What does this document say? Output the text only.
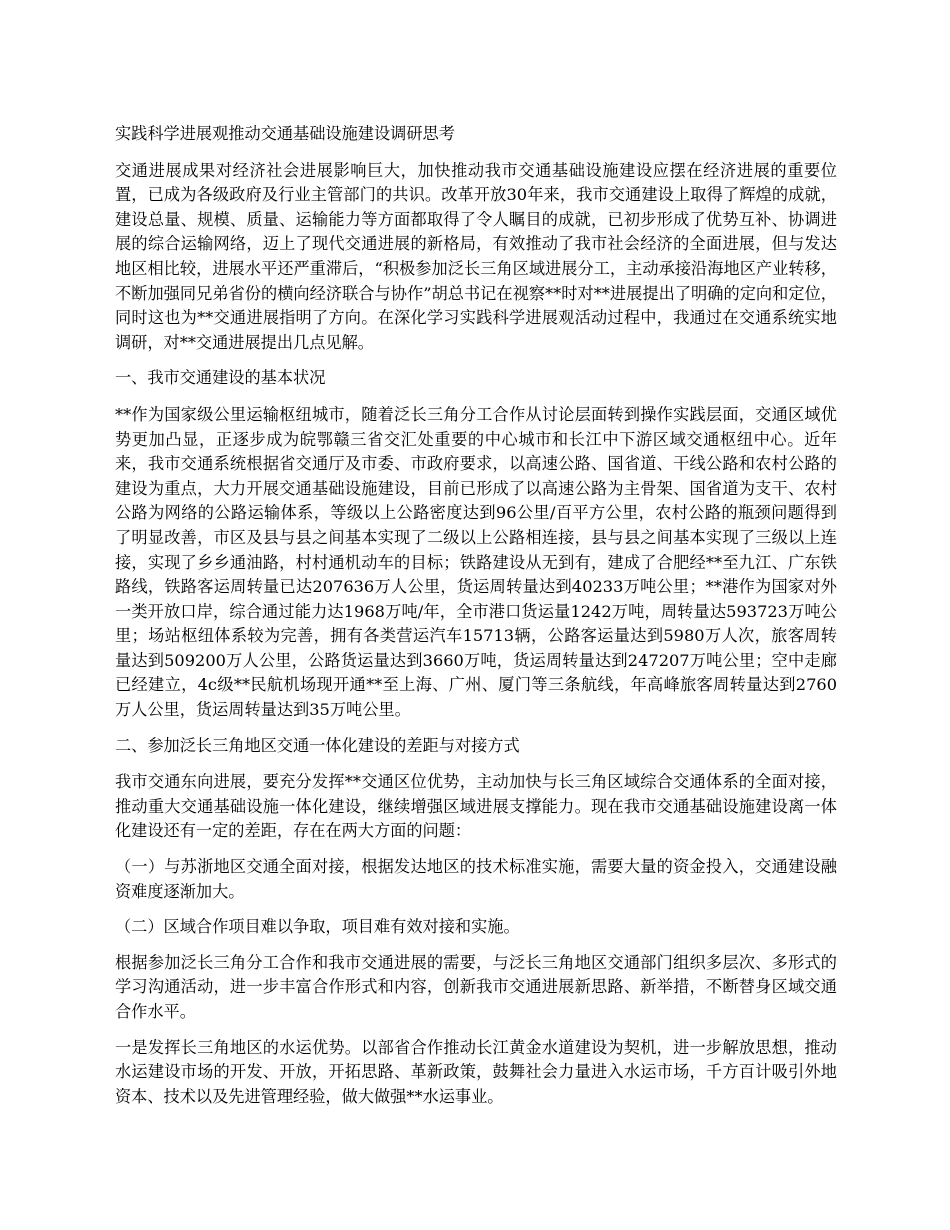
实践科学进展观推动交通基础设施建设调研思考

交通进展成果对经济社会进展影响巨大，加快推动我市交通基础设施建设应摆在经济进展的重要位置，已成为各级政府及行业主管部门的共识。改革开放30年来，我市交通建设上取得了辉煌的成就，建设总量、规模、质量、运输能力等方面都取得了令人瞩目的成就，已初步形成了优势互补、协调进展的综合运输网络，迈上了现代交通进展的新格局，有效推动了我市社会经济的全面进展，但与发达地区相比较，进展水平还严重滞后，“积极参加泛长三角区域进展分工，主动承接沿海地区产业转移，不断加强同兄弟省份的横向经济联合与协作”胡总书记在视察**时对**进展提出了明确的定向和定位，同时这也为**交通进展指明了方向。在深化学习实践科学进展观活动过程中，我通过在交通系统实地调研，对**交通进展提出几点见解。

一、我市交通建设的基本状况

**作为国家级公里运输枢纽城市，随着泛长三角分工合作从讨论层面转到操作实践层面，交通区域优势更加凸显，正逐步成为皖鄂赣三省交汇处重要的中心城市和长江中下游区域交通枢纽中心。近年来，我市交通系统根据省交通厅及市委、市政府要求，以高速公路、国省道、干线公路和农村公路的建设为重点，大力开展交通基础设施建设，目前已形成了以高速公路为主骨架、国省道为支干、农村公路为网络的公路运输体系，等级以上公路密度达到96公里/百平方公里，农村公路的瓶颈问题得到了明显改善，市区及县与县之间基本实现了二级以上公路相连接，县与县之间基本实现了三级以上连接，实现了乡乡通油路，村村通机动车的目标；铁路建设从无到有，建成了合肥经**至九江、广东铁路线，铁路客运周转量已达207636万人公里，货运周转量达到40233万吨公里；**港作为国家对外一类开放口岸，综合通过能力达1968万吨/年，全市港口货运量1242万吨，周转量达593723万吨公里；场站枢纽体系较为完善，拥有各类营运汽车15713辆，公路客运量达到5980万人次，旅客周转量达到509200万人公里，公路货运量达到3660万吨，货运周转量达到247207万吨公里；空中走廊已经建立，4c级**民航机场现开通**至上海、广州、厦门等三条航线，年高峰旅客周转量达到2760万人公里，货运周转量达到35万吨公里。

二、参加泛长三角地区交通一体化建设的差距与对接方式

我市交通东向进展，要充分发挥**交通区位优势，主动加快与长三角区域综合交通体系的全面对接，推动重大交通基础设施一体化建设，继续增强区域进展支撑能力。现在我市交通基础设施建设离一体化建设还有一定的差距，存在在两大方面的问题：

（一）与苏浙地区交通全面对接，根据发达地区的技术标准实施，需要大量的资金投入，交通建设融资难度逐渐加大。

（二）区域合作项目难以争取，项目难有效对接和实施。

根据参加泛长三角分工合作和我市交通进展的需要，与泛长三角地区交通部门组织多层次、多形式的学习沟通活动，进一步丰富合作形式和内容，创新我市交通进展新思路、新举措，不断替身区域交通合作水平。

一是发挥长三角地区的水运优势。以部省合作推动长江黄金水道建设为契机，进一步解放思想，推动水运建设市场的开发、开放，开拓思路、革新政策，鼓舞社会力量进入水运市场，千方百计吸引外地资本、技术以及先进管理经验，做大做强**水运事业。
